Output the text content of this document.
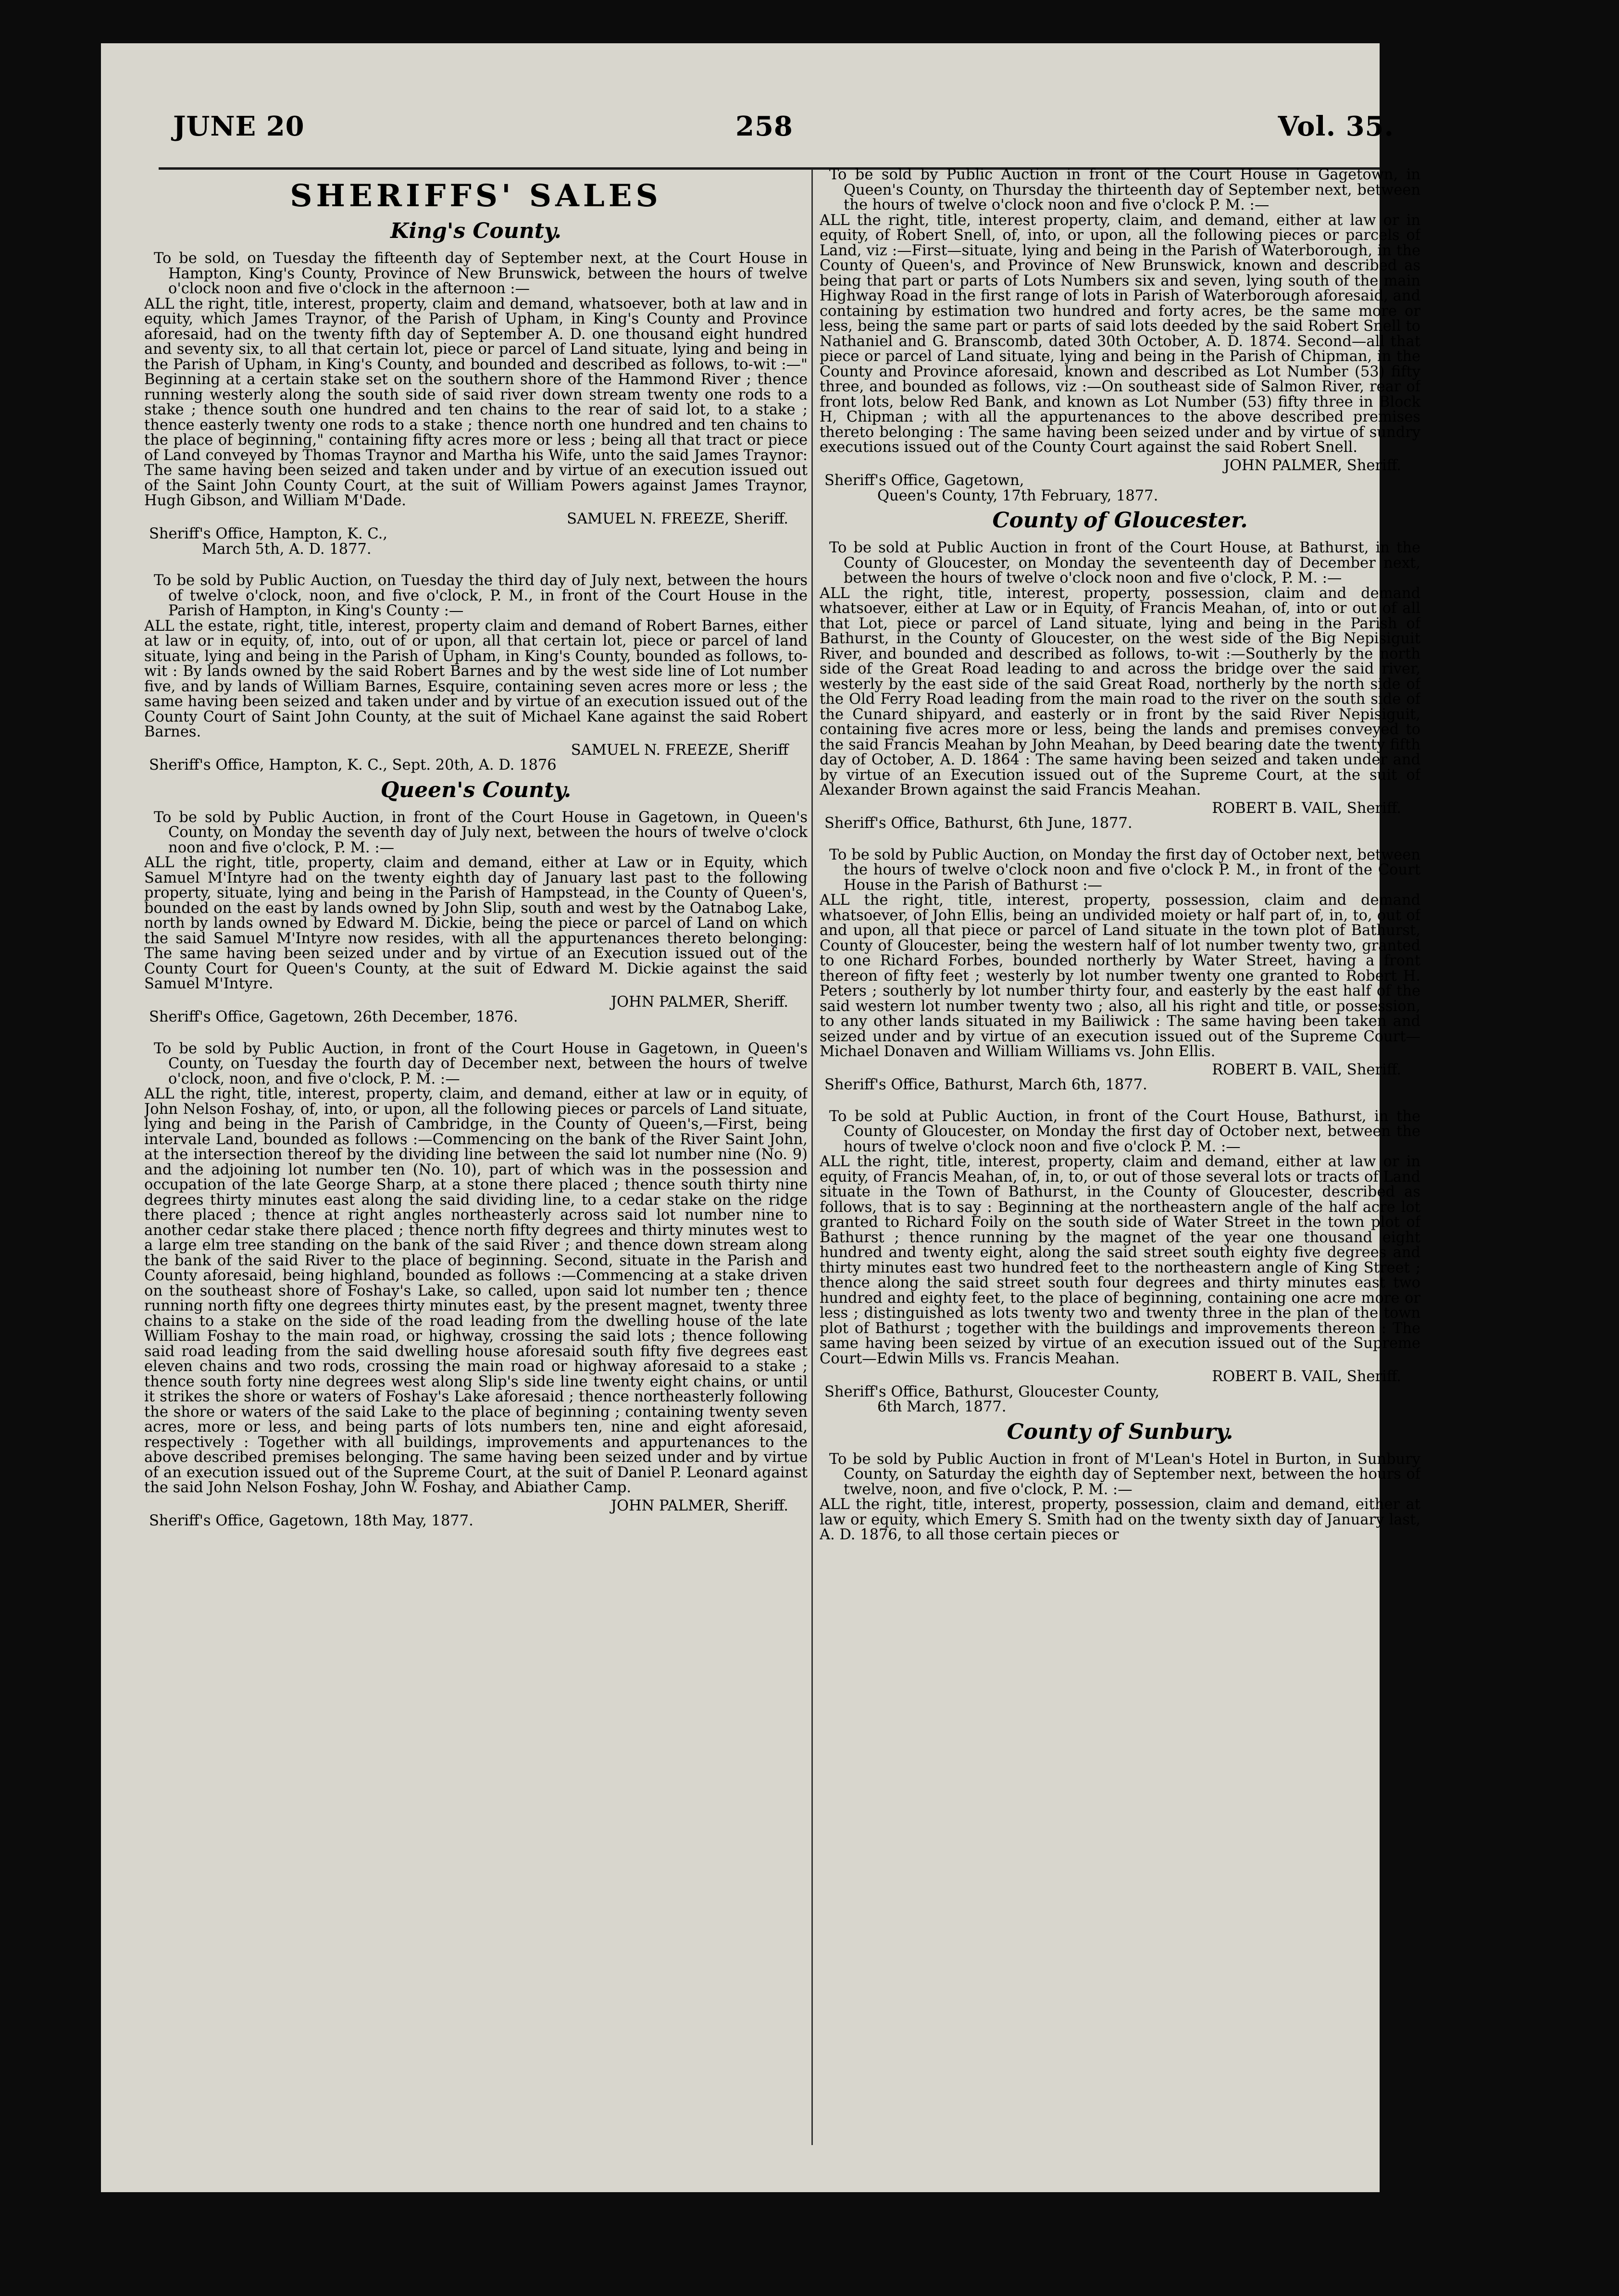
JUNE 20	258	Vol. 35.
SHERIFFS' SALES
King's County.

To be sold, on Tuesday the fifteenth day of September next, at the Court House in Hampton, King's County, Province of New Brunswick, between the hours of twelve o'clock noon and five o'clock in the afternoon :—

ALL the right, title, interest, property, claim and demand, whatsoever, both at law and in equity, which James Traynor, of the Parish of Upham, in King's County and Province aforesaid, had on the twenty fifth day of September A. D. one thousand eight hundred and seventy six, to all that certain lot, piece or parcel of Land situate, lying and being in the Parish of Upham, in King's County, and bounded and described as follows, to-wit :—" Beginning at a certain stake set on the southern shore of the Hammond River ; thence running westerly along the south side of said river down stream twenty one rods to a stake ; thence south one hundred and ten chains to the rear of said lot, to a stake ; thence easterly twenty one rods to a stake ; thence north one hundred and ten chains to the place of beginning," containing fifty acres more or less ; being all that tract or piece of Land conveyed by Thomas Traynor and Martha his Wife, unto the said James Traynor: The same having been seized and taken under and by virtue of an execution issued out of the Saint John County Court, at the suit of William Powers against James Traynor, Hugh Gibson, and William M'Dade.

SAMUEL N. FREEZE, Sheriff.
Sheriff's Office, Hampton, K. C.,
March 5th, A. D. 1877.

To be sold by Public Auction, on Tuesday the third day of July next, between the hours of twelve o'clock, noon, and five o'clock, P. M., in front of the Court House in the Parish of Hampton, in King's County :—

ALL the estate, right, title, interest, property claim and demand of Robert Barnes, either at law or in equity, of, into, out of or upon, all that certain lot, piece or parcel of land situate, lying and being in the Parish of Upham, in King's County, bounded as follows, to-wit : By lands owned by the said Robert Barnes and by the west side line of Lot number five, and by lands of William Barnes, Esquire, containing seven acres more or less ; the same having been seized and taken under and by virtue of an execution issued out of the County Court of Saint John County, at the suit of Michael Kane against the said Robert Barnes.

SAMUEL N. FREEZE, Sheriff
Sheriff's Office, Hampton, K. C., Sept. 20th, A. D. 1876
Queen's County.

To be sold by Public Auction, in front of the Court House in Gagetown, in Queen's County, on Monday the seventh day of July next, between the hours of twelve o'clock noon and five o'clock, P. M. :—

ALL the right, title, property, claim and demand, either at Law or in Equity, which Samuel M'Intyre had on the twenty eighth day of January last past to the following property, situate, lying and being in the Parish of Hampstead, in the County of Queen's, bounded on the east by lands owned by John Slip, south and west by the Oatnabog Lake, north by lands owned by Edward M. Dickie, being the piece or parcel of Land on which the said Samuel M'Intyre now resides, with all the appurtenances thereto belonging: The same having been seized under and by virtue of an Execution issued out of the County Court for Queen's County, at the suit of Edward M. Dickie against the said Samuel M'Intyre.

JOHN PALMER, Sheriff.
Sheriff's Office, Gagetown, 26th December, 1876.

To be sold by Public Auction, in front of the Court House in Gagetown, in Queen's County, on Tuesday the fourth day of December next, between the hours of twelve o'clock, noon, and five o'clock, P. M. :—

ALL the right, title, interest, property, claim, and demand, either at law or in equity, of John Nelson Foshay, of, into, or upon, all the following pieces or parcels of Land situate, lying and being in the Parish of Cambridge, in the County of Queen's,—First, being intervale Land, bounded as follows :—Commencing on the bank of the River Saint John, at the intersection thereof by the dividing line between the said lot number nine (No. 9) and the adjoining lot number ten (No. 10), part of which was in the possession and occupation of the late George Sharp, at a stone there placed ; thence south thirty nine degrees thirty minutes east along the said dividing line, to a cedar stake on the ridge there placed ; thence at right angles northeasterly across said lot number nine to another cedar stake there placed ; thence north fifty degrees and thirty minutes west to a large elm tree standing on the bank of the said River ; and thence down stream along the bank of the said River to the place of beginning. Second, situate in the Parish and County aforesaid, being highland, bounded as follows :—Commencing at a stake driven on the southeast shore of Foshay's Lake, so called, upon said lot number ten ; thence running north fifty one degrees thirty minutes east, by the present magnet, twenty three chains to a stake on the side of the road leading from the dwelling house of the late William Foshay to the main road, or highway, crossing the said lots ; thence following said road leading from the said dwelling house aforesaid south fifty five degrees east eleven chains and two rods, crossing the main road or highway aforesaid to a stake ; thence south forty nine degrees west along Slip's side line twenty eight chains, or until it strikes the shore or waters of Foshay's Lake aforesaid ; thence northeasterly following the shore or waters of the said Lake to the place of beginning ; containing twenty seven acres, more or less, and being parts of lots numbers ten, nine and eight aforesaid, respectively : Together with all buildings, improvements and appurtenances to the above described premises belonging. The same having been seized under and by virtue of an execution issued out of the Supreme Court, at the suit of Daniel P. Leonard against the said John Nelson Foshay, John W. Foshay, and Abiather Camp.

JOHN PALMER, Sheriff.
Sheriff's Office, Gagetown, 18th May, 1877.

To be sold by Public Auction in front of the Court House in Gagetown, in Queen's County, on Thursday the thirteenth day of September next, between the hours of twelve o'clock noon and five o'clock P. M. :—

ALL the right, title, interest property, claim, and demand, either at law or in equity, of Robert Snell, of, into, or upon, all the following pieces or parcels of Land, viz :—First—situate, lying and being in the Parish of Waterborough, in the County of Queen's, and Province of New Brunswick, known and described as being that part or parts of Lots Numbers six and seven, lying south of the main Highway Road in the first range of lots in Parish of Waterborough aforesaid, and containing by estimation two hundred and forty acres, be the same more or less, being the same part or parts of said lots deeded by the said Robert Snell to Nathaniel and G. Branscomb, dated 30th October, A. D. 1874. Second—all that piece or parcel of Land situate, lying and being in the Parish of Chipman, in the County and Province aforesaid, known and described as Lot Number (53) fifty three, and bounded as follows, viz :—On southeast side of Salmon River, rear of front lots, below Red Bank, and known as Lot Number (53) fifty three in Block H, Chipman ; with all the appurtenances to the above described premises thereto belonging : The same having been seized under and by virtue of sundry executions issued out of the County Court against the said Robert Snell.

JOHN PALMER, Sheriff.
Sheriff's Office, Gagetown,
Queen's County, 17th February, 1877.
County of Gloucester.

To be sold at Public Auction in front of the Court House, at Bathurst, in the County of Gloucester, on Monday the seventeenth day of December next, between the hours of twelve o'clock noon and five o'clock, P. M. :—

ALL the right, title, interest, property, possession, claim and demand whatsoever, either at Law or in Equity, of Francis Meahan, of, into or out of all that Lot, piece or parcel of Land situate, lying and being in the Parish of Bathurst, in the County of Gloucester, on the west side of the Big Nepisiguit River, and bounded and described as follows, to-wit :—Southerly by the north side of the Great Road leading to and across the bridge over the said river, westerly by the east side of the said Great Road, northerly by the north side of the Old Ferry Road leading from the main road to the river on the south side of the Cunard shipyard, and easterly or in front by the said River Nepisiguit, containing five acres more or less, being the lands and premises conveyed to the said Francis Meahan by John Meahan, by Deed bearing date the twenty fifth day of October, A. D. 1864 : The same having been seized and taken under and by virtue of an Execution issued out of the Supreme Court, at the suit of Alexander Brown against the said Francis Meahan.

ROBERT B. VAIL, Sheriff.
Sheriff's Office, Bathurst, 6th June, 1877.

To be sold by Public Auction, on Monday the first day of October next, between the hours of twelve o'clock noon and five o'clock P. M., in front of the Court House in the Parish of Bathurst :—

ALL the right, title, interest, property, possession, claim and demand whatsoever, of John Ellis, being an undivided moiety or half part of, in, to, out of and upon, all that piece or parcel of Land situate in the town plot of Bathurst, County of Gloucester, being the western half of lot number twenty two, granted to one Richard Forbes, bounded northerly by Water Street, having a front thereon of fifty feet ; westerly by lot number twenty one granted to Robert H. Peters ; southerly by lot number thirty four, and easterly by the east half of the said western lot number twenty two ; also, all his right and title, or possession, to any other lands situated in my Bailiwick : The same having been taken and seized under and by virtue of an execution issued out of the Supreme Court—Michael Donaven and William Williams vs. John Ellis.

ROBERT B. VAIL, Sheriff.
Sheriff's Office, Bathurst, March 6th, 1877.

To be sold at Public Auction, in front of the Court House, Bathurst, in the County of Gloucester, on Monday the first day of October next, between the hours of twelve o'clock noon and five o'clock P. M. :—

ALL the right, title, interest, property, claim and demand, either at law or in equity, of Francis Meahan, of, in, to, or out of those several lots or tracts of Land situate in the Town of Bathurst, in the County of Gloucester, described as follows, that is to say : Beginning at the northeastern angle of the half acre lot granted to Richard Foily on the south side of Water Street in the town plot of Bathurst ; thence running by the magnet of the year one thousand eight hundred and twenty eight, along the said street south eighty five degrees and thirty minutes east two hundred feet to the northeastern angle of King Street ; thence along the said street south four degrees and thirty minutes east two hundred and eighty feet, to the place of beginning, containing one acre more or less ; distinguished as lots twenty two and twenty three in the plan of the town plot of Bathurst ; together with the buildings and improvements thereon : The same having been seized by virtue of an execution issued out of the Supreme Court—Edwin Mills vs. Francis Meahan.

ROBERT B. VAIL, Sheriff.
Sheriff's Office, Bathurst, Gloucester County,
6th March, 1877.
County of Sunbury.

To be sold by Public Auction in front of M'Lean's Hotel in Burton, in Sunbury County, on Saturday the eighth day of September next, between the hours of twelve, noon, and five o'clock, P. M. :—

ALL the right, title, interest, property, possession, claim and demand, either at law or equity, which Emery S. Smith had on the twenty sixth day of January last, A. D. 1876, to all those certain pieces or
